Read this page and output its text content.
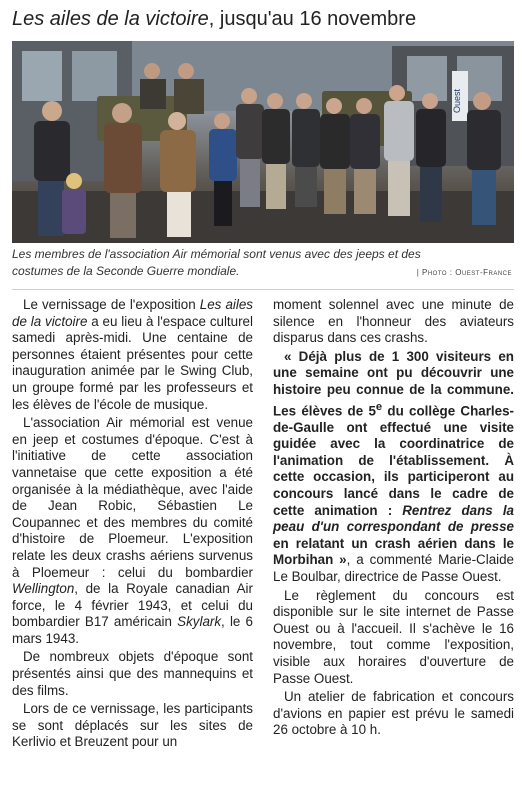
Les ailes de la victoire, jusqu'au 16 novembre
Ouest
Les membres de l'association Air mémorial sont venus avec des jeeps et des costumes de la Seconde Guerre mondiale.	| Photo : Ouest-France

Le vernissage de l'exposition Les ailes de la victoire a eu lieu à l'espace culturel samedi après-midi. Une centaine de personnes étaient présentes pour cette inauguration animée par le Swing Club, un groupe formé par les professeurs et les élèves de l'école de musique.

L'association Air mémorial est venue en jeep et costumes d'époque. C'est à l'initiative de cette association vannetaise que cette exposition a été organisée à la médiathèque, avec l'aide de Jean Robic, Sébastien Le Coupannec et des membres du comité d'histoire de Ploemeur. L'exposition relate les deux crashs aériens survenus à Ploemeur : celui du bombardier Wellington, de la Royale canadian Air force, le 4 février 1943, et celui du bombardier B17 américain Skylark, le 6 mars 1943.

De nombreux objets d'époque sont présentés ainsi que des mannequins et des films.

Lors de ce vernissage, les participants se sont déplacés sur les sites de Kerlivio et Breuzent pour un

moment solennel avec une minute de silence en l'honneur des aviateurs disparus dans ces crashs.

« Déjà plus de 1 300 visiteurs en une semaine ont pu découvrir une histoire peu connue de la commune. Les élèves de 5e du collège Charles-de-Gaulle ont effectué une visite guidée avec la coordinatrice de l'animation de l'établissement. À cette occasion, ils participeront au concours lancé dans le cadre de cette animation : Rentrez dans la peau d'un correspondant de presse en relatant un crash aérien dans le Morbihan », a commenté Marie-Claide Le Boulbar, directrice de Passe Ouest.

Le règlement du concours est disponible sur le site internet de Passe Ouest ou à l'accueil. Il s'achève le 16 novembre, tout comme l'exposition, visible aux horaires d'ouverture de Passe Ouest.

Un atelier de fabrication et concours d'avions en papier est prévu le samedi 26 octobre à 10 h.
